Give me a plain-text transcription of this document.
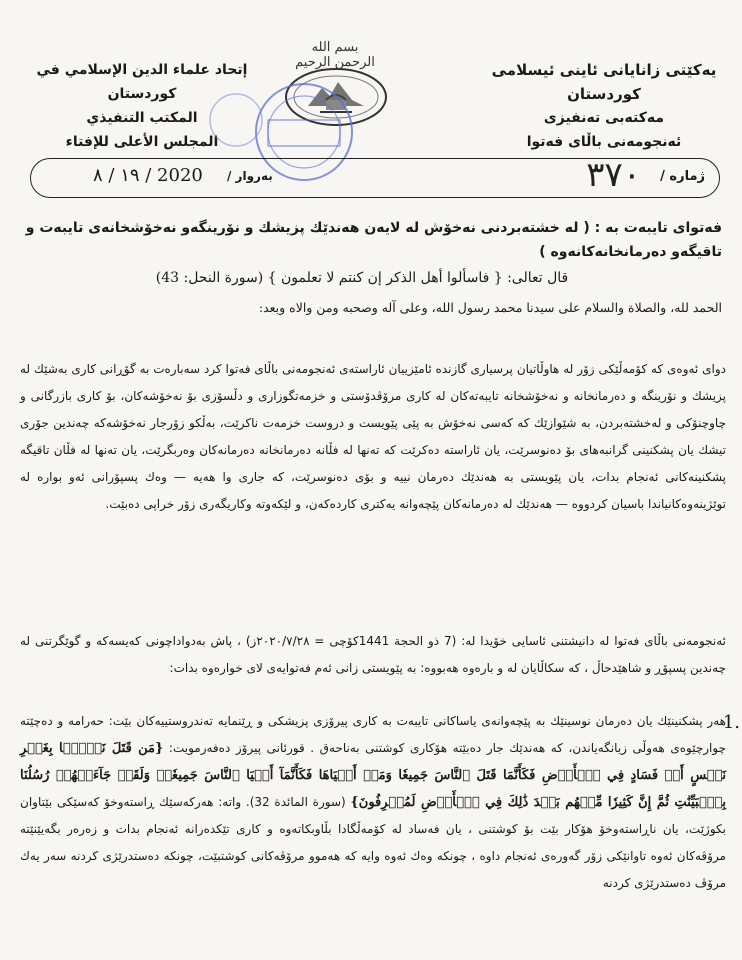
یەکێتی زانایانی ئاینی ئیسلامی کوردستان
مەکتەبی تەنفیزی
ئەنجومەنی باڵای فەتوا
إتحاد علماء الدين الإسلامي في كوردستان
المكتب التنفيذي
المجلس الأعلى للإفتاء
بسم الله الرحمن الرحيم
ژمارە /
٣٧٠
بەروار /
١٩ / ٨ / 2020
فەتوای تایبەت بە : ( لە خشتەبردنی نەخۆش لە لایەن هەندێك پزیشك و نۆرینگەو نەخۆشخانەی تایبەت و تاقیگەو دەرمانخانەکانەوە )
قال تعالى: { فاسألوا أهل الذكر إن كنتم لا تعلمون } (سورة النحل: 43)
الحمد لله، والصلاة والسلام على سيدنا محمد رسول الله، وعلى آله وصحبه ومن والاه وبعد:
دوای ئەوەی کە کۆمەڵێکی زۆر لە هاوڵاتیان پرسیاری گازندە ئامێزییان ئاراستەی ئەنجومەنی باڵای فەتوا کرد سەبارەت بە گۆڕانی کاری بەشێك لە پزیشك و نۆرینگە و دەرمانخانە و نەخۆشخانە تایبەتەکان لە کاری مرۆڤدۆستی و خزمەتگوزاری و دڵسۆزی بۆ نەخۆشەکان، بۆ کاری بازرگانی و چاوچنۆکی و لەخشتەبردن، بە شێوازێك کە کەسی نەخۆش بە پێی پێویست و دروست خزمەت ناکرێت، بەڵکو زۆرجار نەخۆشەکە چەندین جۆری تیشك یان پشکنینی گرانبەهای بۆ دەنوسرێت، یان ئاراستە دەکرێت کە تەنها لە فڵانە دەرمانخانە دەرمانەکان وەربگرێت، یان تەنها لە فڵان تاقیگە پشکنینەکانی ئەنجام بدات، یان پێویستی بە هەندێك دەرمان نییە و بۆی دەنوسرێت، کە جاری وا هەیە — وەك پسپۆرانی ئەو بوارە لە توێژینەوەکانیاندا باسیان کردووە — هەندێك لە دەرمانەکان پێچەوانە یەکتری کاردەکەن، و لێکەوتە وکاریگەری زۆر خراپی دەبێت.
ئەنجومەنی باڵای فەتوا لە دانیشتنی ئاسایی خۆیدا لە: (7 ذو الحجة 1441كۆچی = ٢٠٢٠/٧/٢٨ز) ، پاش بەدواداچونی کەیسەکە و گوێگرتنی لە چەندین پسپۆڕ و شاهێدحاڵ ، کە سکاڵایان لە و بارەوە هەبووە: بە پێویستی زانی ئەم فەتوایەی لای خوارەوە بدات:
1.
هەر پشکنینێك یان دەرمان نوسینێك بە پێچەوانەی یاساکانی تایبەت بە کاری پیرۆزی پزیشکی و ڕێنمایە تەندروستییەکان بێت: حەرامە و دەچێتە چوارچێوەی هەوڵی زیانگەیاندن، کە هەندێك جار دەبێتە هۆکاری کوشتنی بەناحەق . قورئانی پیرۆز دەفەرمویت: {مَن قَتَلَ نَفۡسَۢا بِغَيۡرِ نَفۡسٍ أَوۡ فَسَادٍ فِي ٱلۡأَرۡضِ فَكَأَنَّمَا قَتَلَ ٱلنَّاسَ جَمِيعٗا وَمَنۡ أَحۡيَاهَا فَكَأَنَّمَآ أَحۡيَا ٱلنَّاسَ جَمِيعٗاۚ وَلَقَدۡ جَآءَتۡهُمۡ رُسُلُنَا بِٱلۡبَيِّنَٰتِ ثُمَّ إِنَّ كَثِيرٗا مِّنۡهُم بَعۡدَ ذَٰلِكَ فِي ٱلۡأَرۡضِ لَمُسۡرِفُونَ} (سورة المائدة 32). واتە: هەرکەسێك ڕاستەوخۆ کەسێکی بێتاوان بکوژێت، یان ناڕاستەوخۆ هۆکار بێت بۆ کوشتنی ، یان فەساد لە کۆمەڵگادا بڵاوبکاتەوە و کاری تێکدەرانە ئەنجام بدات و زەرەر بگەیێنێتە مرۆڤەکان ئەوە تاوانێکی زۆر گەورەی ئەنجام داوە ، چونکە وەك ئەوە وایە کە هەموو مرۆڤەکانی کوشتبێت، چونکە دەستدرێژی کردنە سەر یەك مرۆڤ دەستدرێژی کردنە
